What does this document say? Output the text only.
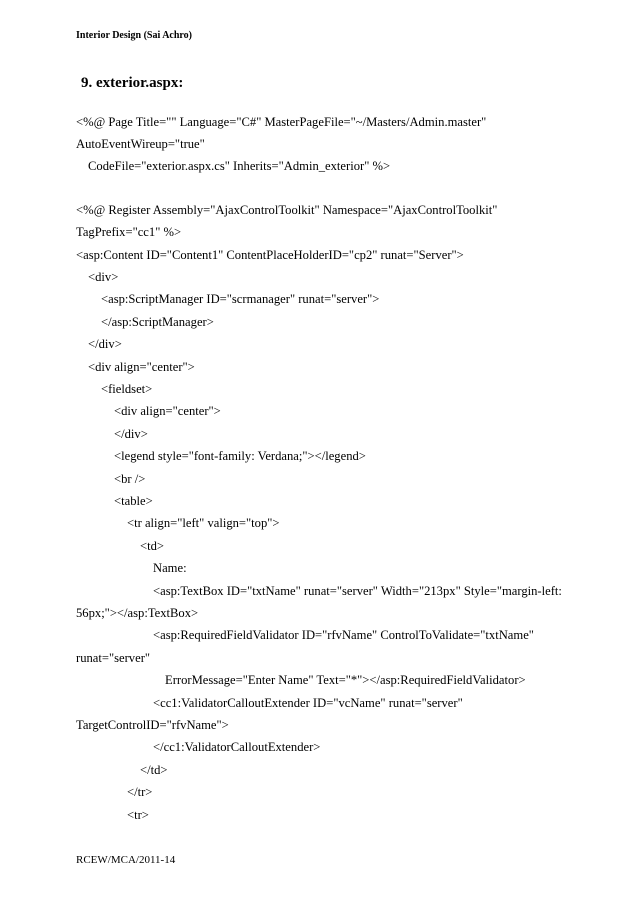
Interior Design (Sai Achro)
9. exterior.aspx:
<%@ Page Title="" Language="C#" MasterPageFile="~/Masters/Admin.master"
AutoEventWireup="true"
CodeFile="exterior.aspx.cs" Inherits="Admin_exterior" %>
<%@ Register Assembly="AjaxControlToolkit" Namespace="AjaxControlToolkit"
TagPrefix="cc1" %>
<asp:Content ID="Content1" ContentPlaceHolderID="cp2" runat="Server">
<div>
<asp:ScriptManager ID="scrmanager" runat="server">
</asp:ScriptManager>
</div>
<div align="center">
<fieldset>
<div align="center">
</div>
<legend style="font-family: Verdana;"></legend>
<br />
<table>
<tr align="left" valign="top">
<td>
Name:
<asp:TextBox ID="txtName" runat="server" Width="213px" Style="margin-left:
56px;"></asp:TextBox>
<asp:RequiredFieldValidator ID="rfvName" ControlToValidate="txtName"
runat="server"
ErrorMessage="Enter Name" Text="*"></asp:RequiredFieldValidator>
<cc1:ValidatorCalloutExtender ID="vcName" runat="server"
TargetControlID="rfvName">
</cc1:ValidatorCalloutExtender>
</td>
</tr>
<tr>
RCEW/MCA/2011-14
